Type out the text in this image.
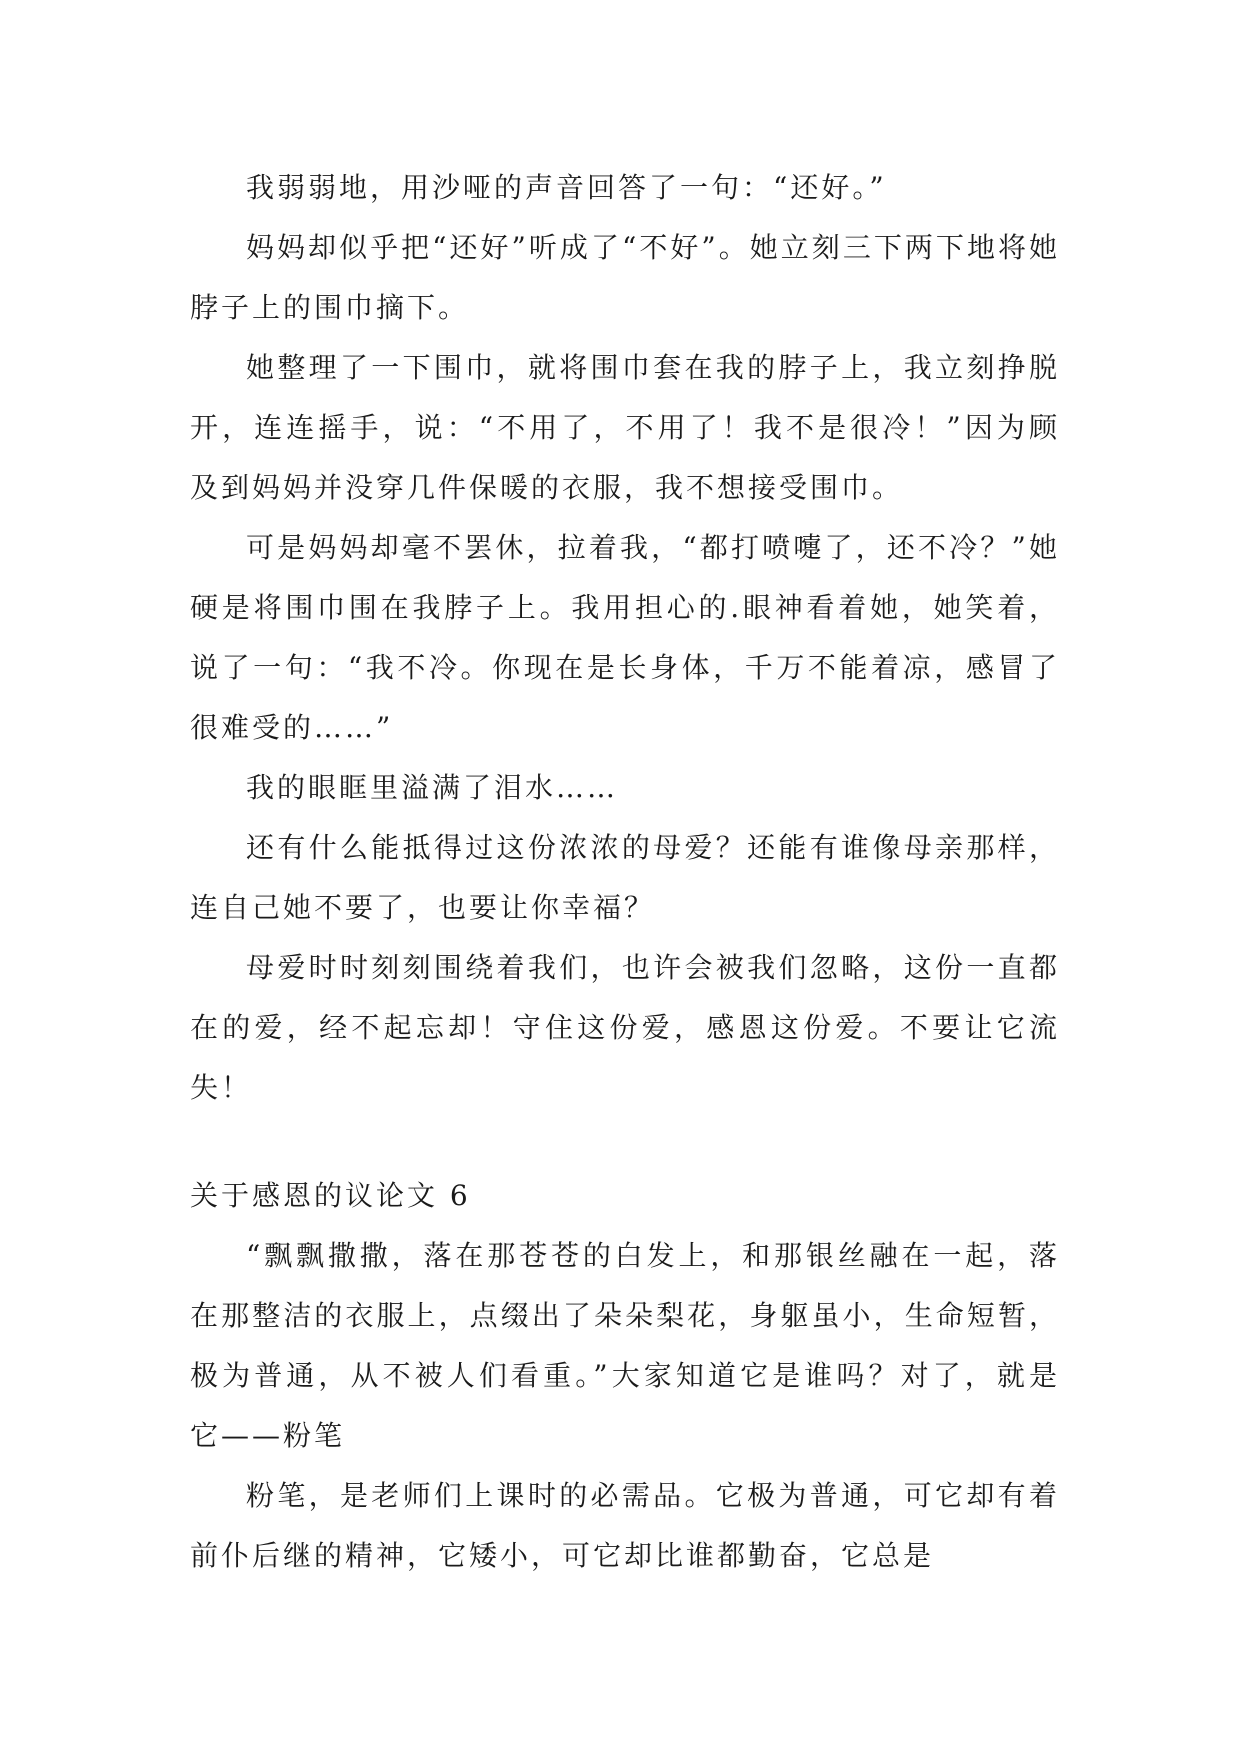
我弱弱地，用沙哑的声音回答了一句：“还好。”

妈妈却似乎把“还好”听成了“不好”。她立刻三下两下地将她脖子上的围巾摘下。

她整理了一下围巾，就将围巾套在我的脖子上，我立刻挣脱开，连连摇手，说：“不用了，不用了！我不是很冷！”因为顾及到妈妈并没穿几件保暖的衣服，我不想接受围巾。

可是妈妈却毫不罢休，拉着我，“都打喷嚏了，还不冷？”她硬是将围巾围在我脖子上。我用担心的.眼神看着她，她笑着，说了一句：“我不冷。你现在是长身体，千万不能着凉，感冒了很难受的……”

我的眼眶里溢满了泪水……

还有什么能抵得过这份浓浓的母爱？还能有谁像母亲那样，连自己她不要了，也要让你幸福？

母爱时时刻刻围绕着我们，也许会被我们忽略，这份一直都在的爱，经不起忘却！守住这份爱，感恩这份爱。不要让它流失！

关于感恩的议论文 6

“飘飘撒撒，落在那苍苍的白发上，和那银丝融在一起，落在那整洁的衣服上，点缀出了朵朵梨花，身躯虽小，生命短暂，极为普通，从不被人们看重。”大家知道它是谁吗？对了，就是它——粉笔

粉笔，是老师们上课时的必需品。它极为普通，可它却有着前仆后继的精神，它矮小，可它却比谁都勤奋，它总是
